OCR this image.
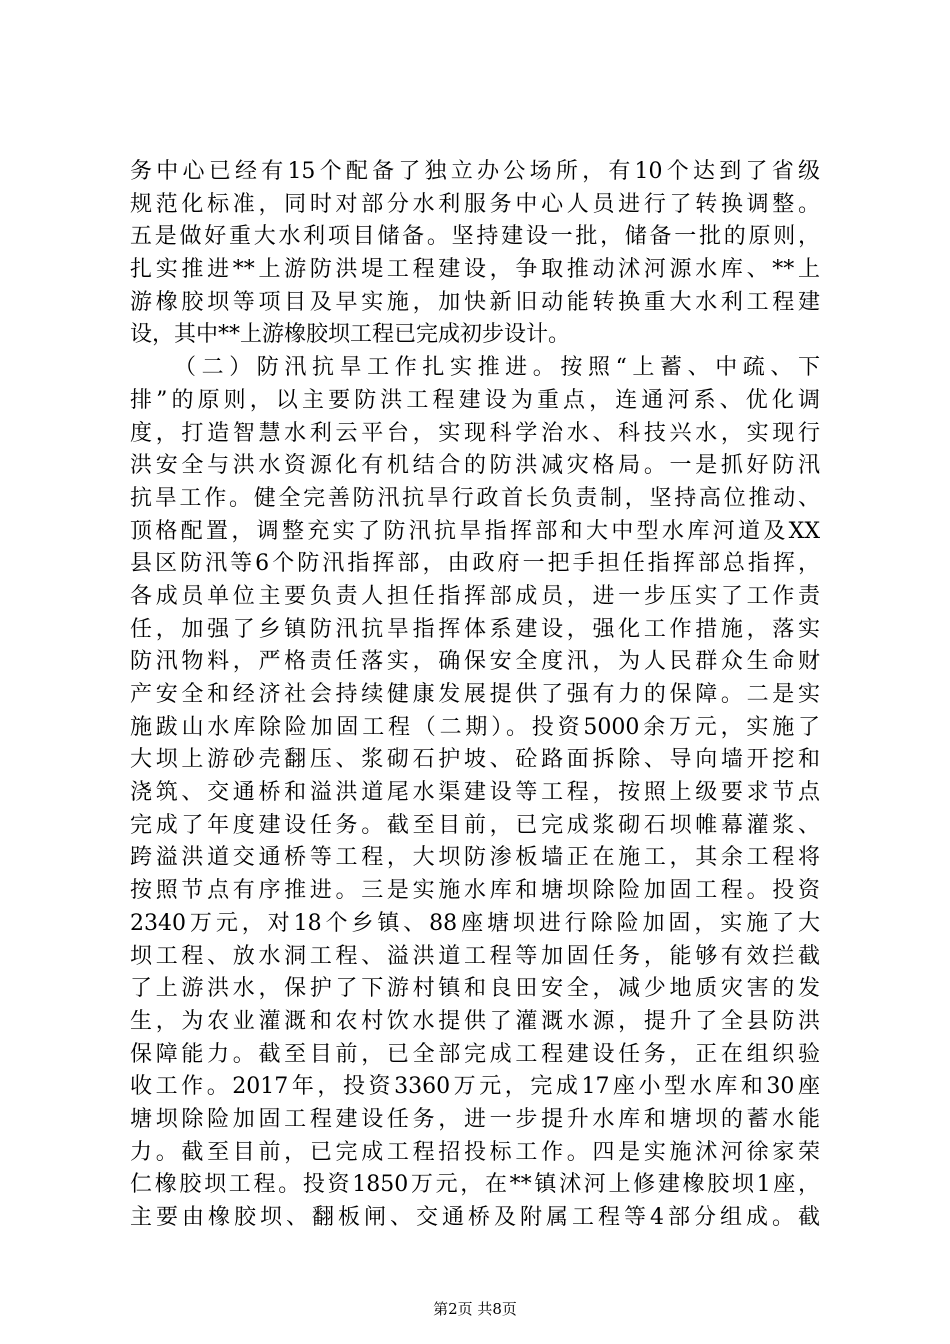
务中心已经有15个配备了独立办公场所，有10个达到了省级
规范化标准，同时对部分水利服务中心人员进行了转换调整。
五是做好重大水利项目储备。坚持建设一批，储备一批的原则，
扎实推进**上游防洪堤工程建设，争取推动沭河源水库、**上
游橡胶坝等项目及早实施，加快新旧动能转换重大水利工程建
设，其中**上游橡胶坝工程已完成初步设计。
（二）防汛抗旱工作扎实推进。按照“上蓄、中疏、下
排”的原则，以主要防洪工程建设为重点，连通河系、优化调
度，打造智慧水利云平台，实现科学治水、科技兴水，实现行
洪安全与洪水资源化有机结合的防洪减灾格局。一是抓好防汛
抗旱工作。健全完善防汛抗旱行政首长负责制，坚持高位推动、
顶格配置，调整充实了防汛抗旱指挥部和大中型水库河道及XX
县区防汛等6个防汛指挥部，由政府一把手担任指挥部总指挥，
各成员单位主要负责人担任指挥部成员，进一步压实了工作责
任，加强了乡镇防汛抗旱指挥体系建设，强化工作措施，落实
防汛物料，严格责任落实，确保安全度汛，为人民群众生命财
产安全和经济社会持续健康发展提供了强有力的保障。二是实
施跋山水库除险加固工程（二期）。投资5000余万元，实施了
大坝上游砂壳翻压、浆砌石护坡、砼路面拆除、导向墙开挖和
浇筑、交通桥和溢洪道尾水渠建设等工程，按照上级要求节点
完成了年度建设任务。截至目前，已完成浆砌石坝帷幕灌浆、
跨溢洪道交通桥等工程，大坝防渗板墙正在施工，其余工程将
按照节点有序推进。三是实施水库和塘坝除险加固工程。投资
2340万元，对18个乡镇、88座塘坝进行除险加固，实施了大
坝工程、放水洞工程、溢洪道工程等加固任务，能够有效拦截
了上游洪水，保护了下游村镇和良田安全，减少地质灾害的发
生，为农业灌溉和农村饮水提供了灌溉水源，提升了全县防洪
保障能力。截至目前，已全部完成工程建设任务，正在组织验
收工作。2017年，投资3360万元，完成17座小型水库和30座
塘坝除险加固工程建设任务，进一步提升水库和塘坝的蓄水能
力。截至目前，已完成工程招投标工作。四是实施沭河徐家荣
仁橡胶坝工程。投资1850万元，在**镇沭河上修建橡胶坝1座，
主要由橡胶坝、翻板闸、交通桥及附属工程等4部分组成。截
第2页 共8页
